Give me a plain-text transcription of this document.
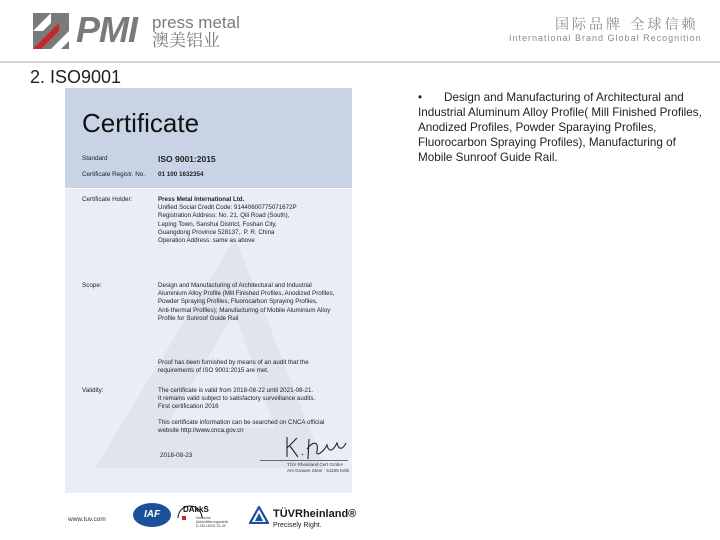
PMI press metal
澳美铝业
国际品牌 全球信赖
International Brand Global Recognition
2. ISO9001
Certificate
Standard	ISO 9001:2015
Certificate Registr. No. 01 100 1632354
Certificate Holder:	Press Metal International Ltd.
Unified Social Credit Code: 91440600775071672P
Registration Address: No. 21, Qili Road (South),
Leping Town, Sanshui District, Foshan City,
Guangdong Province 528137,. P. R. China
Operation Address: same as above
Scope:	Design and Manufacturing of Architectural and Industrial
Aluminium Alloy Profile (Mill Finished Profiles, Anodized Profiles,
Powder Spraying Profiles, Fluorocarbon Spraying Profiles,
Anti-thermal Profiles); Manufacturing of Mobile Aluminium Alloy
Profile for Sunroof Guide Rail
Proof has been furnished by means of an audit that the
requirements of ISO 9001:2015 are met.
Validity:	The certificate is valid from 2018-08-22 until 2021-08-21.
It remains valid subject to satisfactory surveillance audits.
First certification 2016
This certificate information can be searched on CNCA official
website http://www.cnca.gov.cn
2018-08-23
TÜV Rheinland Cert GmbH
Am Grauen Stein · 51105 Köln
www.tuv.com	IAF	DAkkS
Deutsche
Akkreditierungsstelle
D-ZM-16031-01-00
TÜVRheinland®
Precisely Right.
• Design and Manufacturing of Architectural and Industrial Aluminum Alloy Profile( Mill Finished Profiles, Anodized Profiles, Powder Sparaying Profiles, Fluorocarbon Spraying Profiles), Manufacturing of Mobile Sunroof Guide Rail.
